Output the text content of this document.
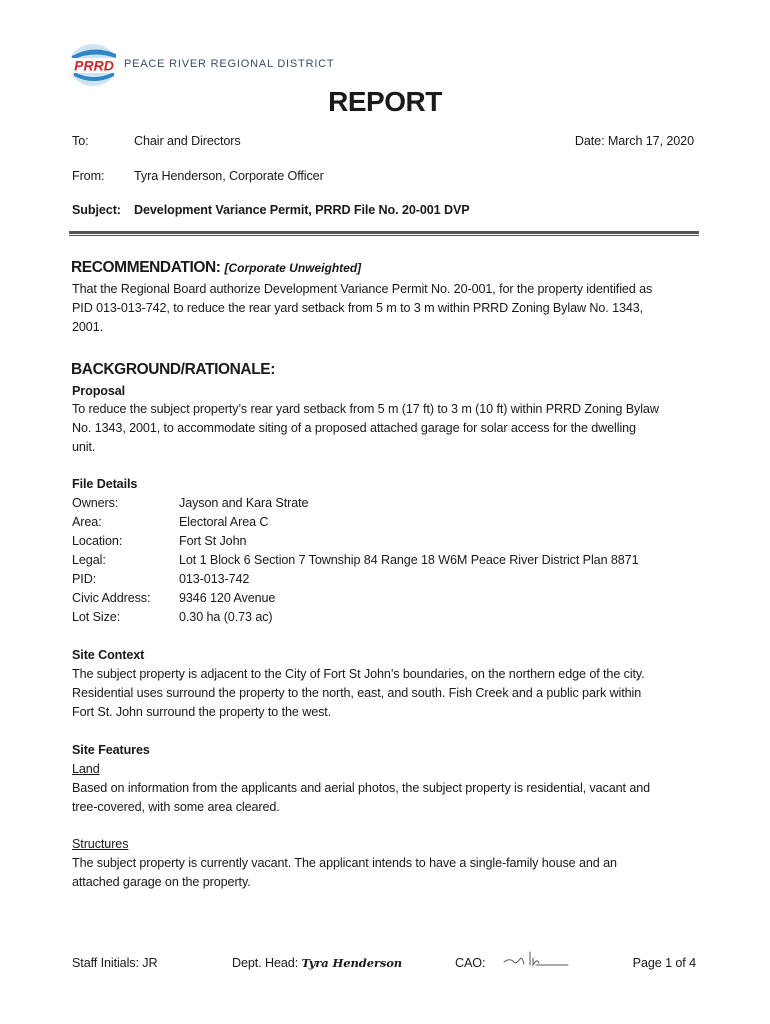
PRRD PEACE RIVER REGIONAL DISTRICT
REPORT
To:	Chair and Directors	Date: March 17, 2020
From: Tyra Henderson, Corporate Officer
Subject: Development Variance Permit, PRRD File No. 20-001 DVP
RECOMMENDATION: [Corporate Unweighted]
That the Regional Board authorize Development Variance Permit No. 20-001, for the property identified as
PID 013-013-742, to reduce the rear yard setback from 5 m to 3 m within PRRD Zoning Bylaw No. 1343,
2001.
BACKGROUND/RATIONALE:
Proposal
To reduce the subject property’s rear yard setback from 5 m (17 ft) to 3 m (10 ft) within PRRD Zoning Bylaw
No. 1343, 2001, to accommodate siting of a proposed attached garage for solar access for the dwelling
unit.
File Details
Owners:	Jayson and Kara Strate
Area:	Electoral Area C
Location:	Fort St John
Legal:	Lot 1 Block 6 Section 7 Township 84 Range 18 W6M Peace River District Plan 8871
PID:	013-013-742
Civic Address: 9346 120 Avenue
Lot Size:	0.30 ha (0.73 ac)
Site Context
The subject property is adjacent to the City of Fort St John’s boundaries, on the northern edge of the city.
Residential uses surround the property to the north, east, and south. Fish Creek and a public park within
Fort St. John surround the property to the west.
Site Features
Land
Based on information from the applicants and aerial photos, the subject property is residential, vacant and
tree-covered, with some area cleared.
Structures
The subject property is currently vacant. The applicant intends to have a single-family house and an
attached garage on the property.
Staff Initials: JR	Dept. Head: Tyra Henderson	CAO:	Page 1 of 4
